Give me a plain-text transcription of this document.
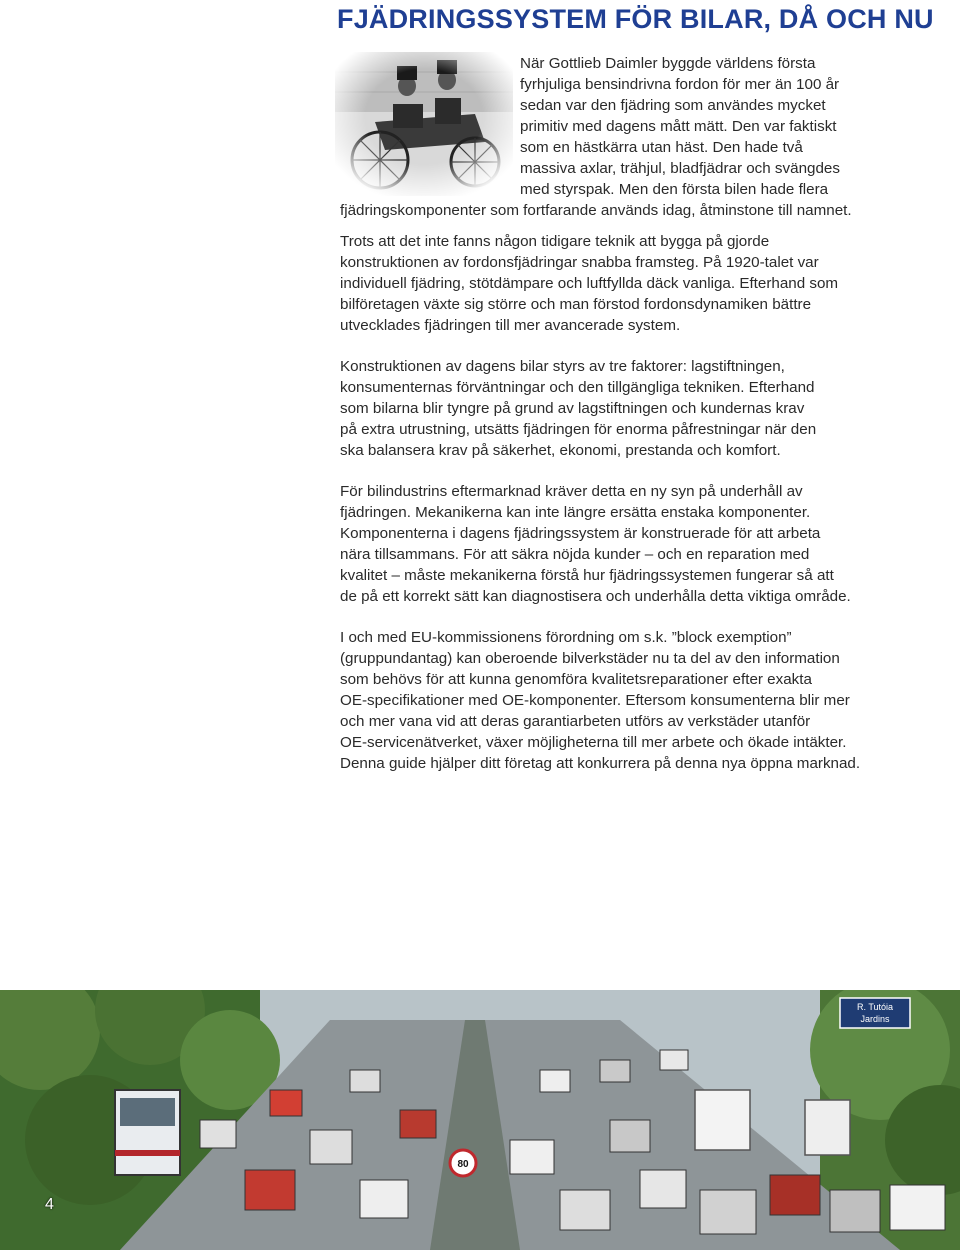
FJÄDRINGSSYSTEM FÖR BILAR, DÅ OCH NU
När Gottlieb Daimler byggde världens första
fyrhjuliga bensindrivna fordon för mer än 100 år
sedan var den fjädring som användes mycket
primitiv med dagens mått mätt. Den var faktiskt
som en hästkärra utan häst. Den hade två
massiva axlar, trähjul, bladfjädrar och svängdes
med styrspak. Men den första bilen hade flera
fjädringskomponenter som fortfarande används idag, åtminstone till namnet.

Trots att det inte fanns någon tidigare teknik att bygga på gjorde
konstruktionen av fordonsfjädringar snabba framsteg. På 1920-talet var
individuell fjädring, stötdämpare och luftfyllda däck vanliga. Efterhand som
bilföretagen växte sig större och man förstod fordonsdynamiken bättre
utvecklades fjädringen till mer avancerade system.

Konstruktionen av dagens bilar styrs av tre faktorer: lagstiftningen,
konsumenternas förväntningar och den tillgängliga tekniken. Efterhand
som bilarna blir tyngre på grund av lagstiftningen och kundernas krav
på extra utrustning, utsätts fjädringen för enorma påfrestningar när den
ska balansera krav på säkerhet, ekonomi, prestanda och komfort.

För bilindustrins eftermarknad kräver detta en ny syn på underhåll av
fjädringen. Mekanikerna kan inte längre ersätta enstaka komponenter.
Komponenterna i dagens fjädringssystem är konstruerade för att arbeta
nära tillsammans. För att säkra nöjda kunder – och en reparation med
kvalitet – måste mekanikerna förstå hur fjädringssystemen fungerar så att
de på ett korrekt sätt kan diagnostisera och underhålla detta viktiga område.

I och med EU-kommissionens förordning om s.k. ”block exemption”
(gruppundantag) kan oberoende bilverkstäder nu ta del av den information
som behövs för att kunna genomföra kvalitetsreparationer efter exakta
OE-specifikationer med OE-komponenter. Eftersom konsumenterna blir mer
och mer vana vid att deras garantiarbeten utförs av verkstäder utanför
OE-servicenätverket, växer möjligheterna till mer arbete och ökade intäkter.
Denna guide hjälper ditt företag att konkurrera på denna nya öppna marknad.

R. Tutóia
Jardins
80
4
